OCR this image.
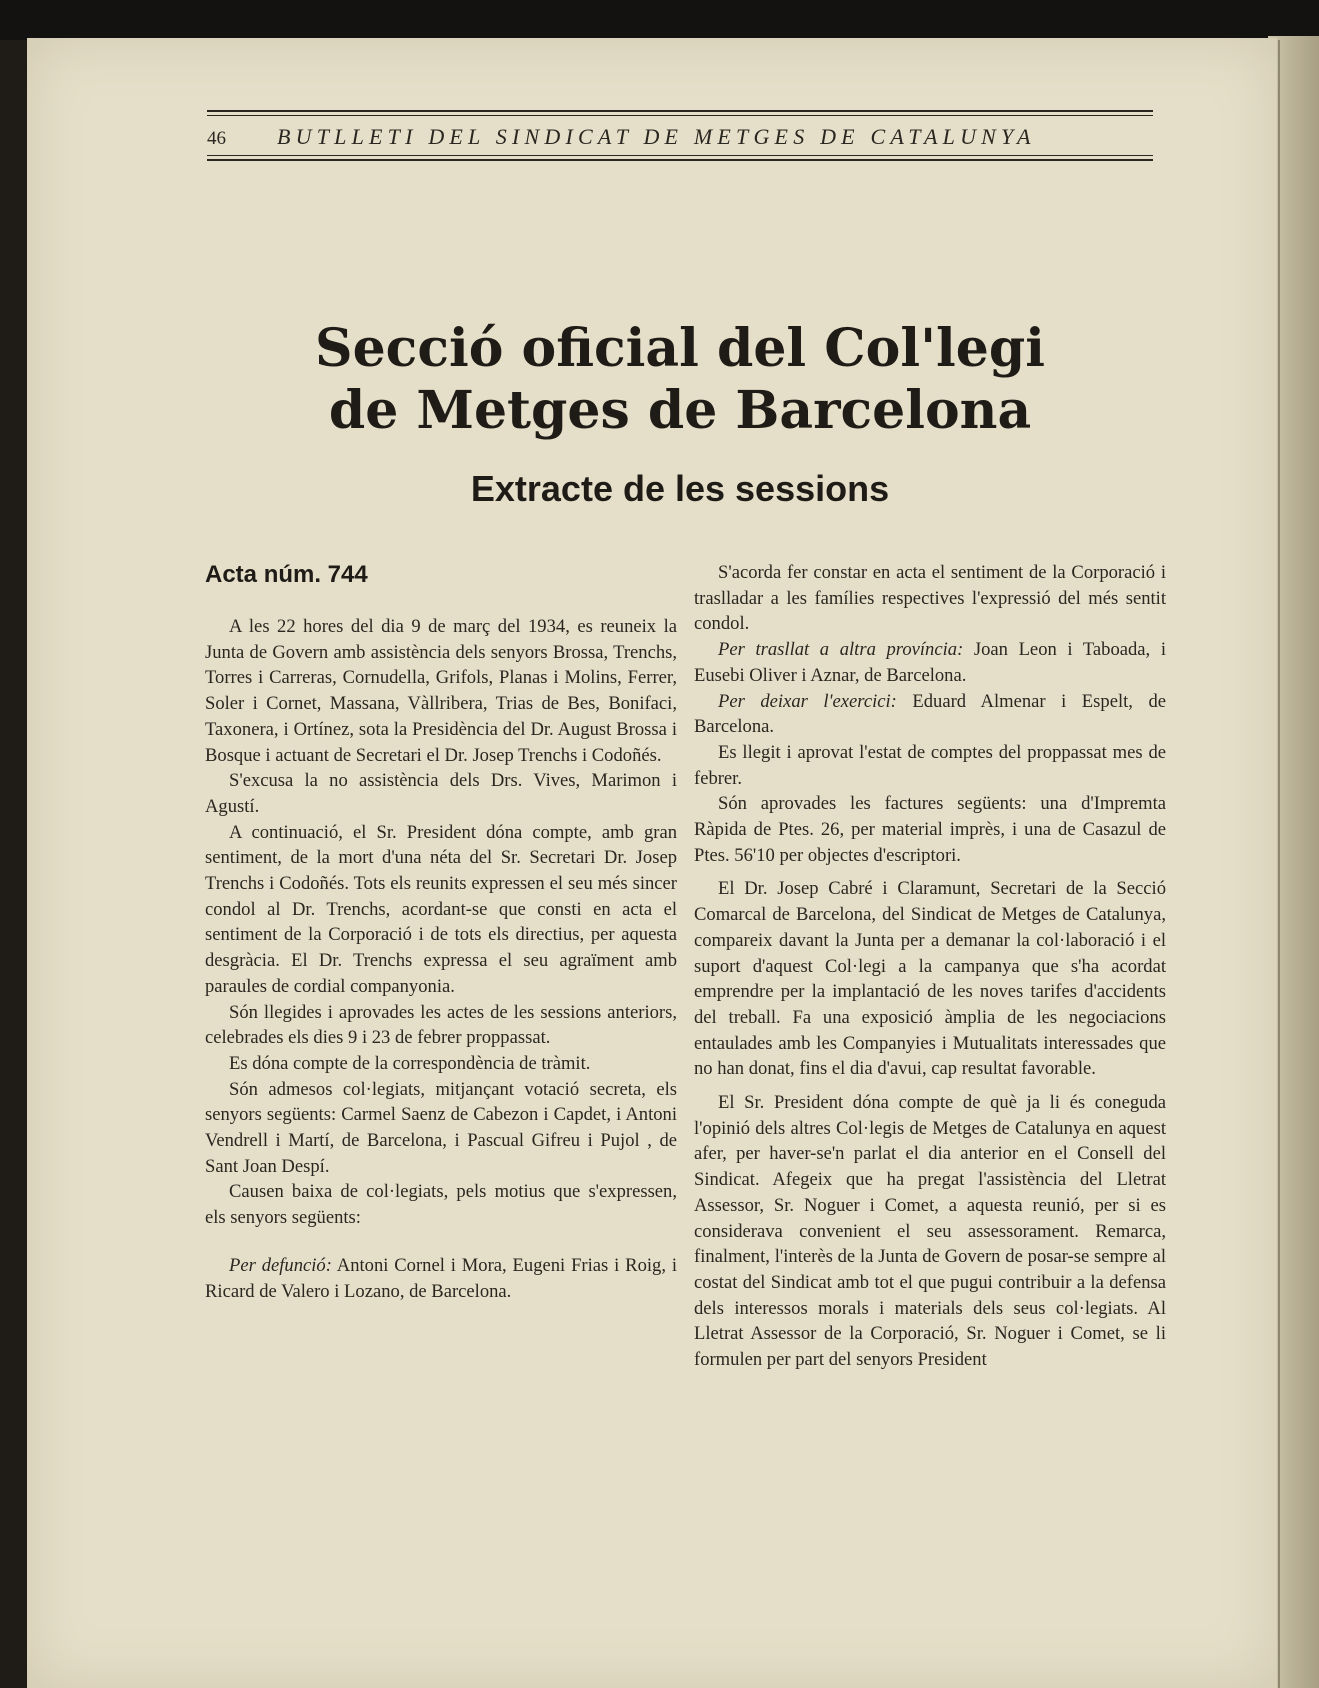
46 BUTLLETI DEL SINDICAT DE METGES DE CATALUNYA
Secció oficial del Col'legi
de Metges de Barcelona
Extracte de les sessions
Acta núm. 744

A les 22 hores del dia 9 de març del 1934, es reuneix la Junta de Govern amb assistència dels senyors Brossa, Trenchs, Torres i Carreras, Cornudella, Grifols, Planas i Molins, Ferrer, Soler i Cornet, Massana, Vàllribera, Trias de Bes, Bonifaci, Taxonera, i Ortínez, sota la Presidència del Dr. August Brossa i Bosque i actuant de Secretari el Dr. Josep Trenchs i Codoñés.

S'excusa la no assistència dels Drs. Vives, Marimon i Agustí.

A continuació, el Sr. President dóna compte, amb gran sentiment, de la mort d'una néta del Sr. Secretari Dr. Josep Trenchs i Codoñés. Tots els reunits expressen el seu més sincer condol al Dr. Trenchs, acordant-se que consti en acta el sentiment de la Corporació i de tots els directius, per aquesta desgràcia. El Dr. Trenchs expressa el seu agraïment amb paraules de cordial companyonia.

Són llegides i aprovades les actes de les sessions anteriors, celebrades els dies 9 i 23 de febrer proppassat.

Es dóna compte de la correspondència de tràmit.

Són admesos col·legiats, mitjançant votació secreta, els senyors següents: Carmel Saenz de Cabezon i Capdet, i Antoni Vendrell i Martí, de Barcelona, i Pascual Gifreu i Pujol , de Sant Joan Despí.

Causen baixa de col·legiats, pels motius que s'expressen, els senyors següents:

Per defunció: Antoni Cornel i Mora, Eugeni Frias i Roig, i Ricard de Valero i Lozano, de Barcelona.

S'acorda fer constar en acta el sentiment de la Corporació i traslladar a les famílies respectives l'expressió del més sentit condol.

Per trasllat a altra província: Joan Leon i Taboada, i Eusebi Oliver i Aznar, de Barcelona.

Per deixar l'exercici: Eduard Almenar i Espelt, de Barcelona.

Es llegit i aprovat l'estat de comptes del proppassat mes de febrer.

Són aprovades les factures següents: una d'Impremta Ràpida de Ptes. 26, per material imprès, i una de Casazul de Ptes. 56'10 per objectes d'escriptori.

El Dr. Josep Cabré i Claramunt, Secretari de la Secció Comarcal de Barcelona, del Sindicat de Metges de Catalunya, compareix davant la Junta per a demanar la col·laboració i el suport d'aquest Col·legi a la campanya que s'ha acordat emprendre per la implantació de les noves tarifes d'accidents del treball. Fa una exposició àmplia de les negociacions entaulades amb les Companyies i Mutualitats interessades que no han donat, fins el dia d'avui, cap resultat favorable.

El Sr. President dóna compte de què ja li és coneguda l'opinió dels altres Col·legis de Metges de Catalunya en aquest afer, per haver-se'n parlat el dia anterior en el Consell del Sindicat. Afegeix que ha pregat l'assistència del Lletrat Assessor, Sr. Noguer i Comet, a aquesta reunió, per si es considerava convenient el seu assessorament. Remarca, finalment, l'interès de la Junta de Govern de posar-se sempre al costat del Sindicat amb tot el que pugui contribuir a la defensa dels interessos morals i materials dels seus col·legiats. Al Lletrat Assessor de la Corporació, Sr. Noguer i Comet, se li formulen per part del senyors President
